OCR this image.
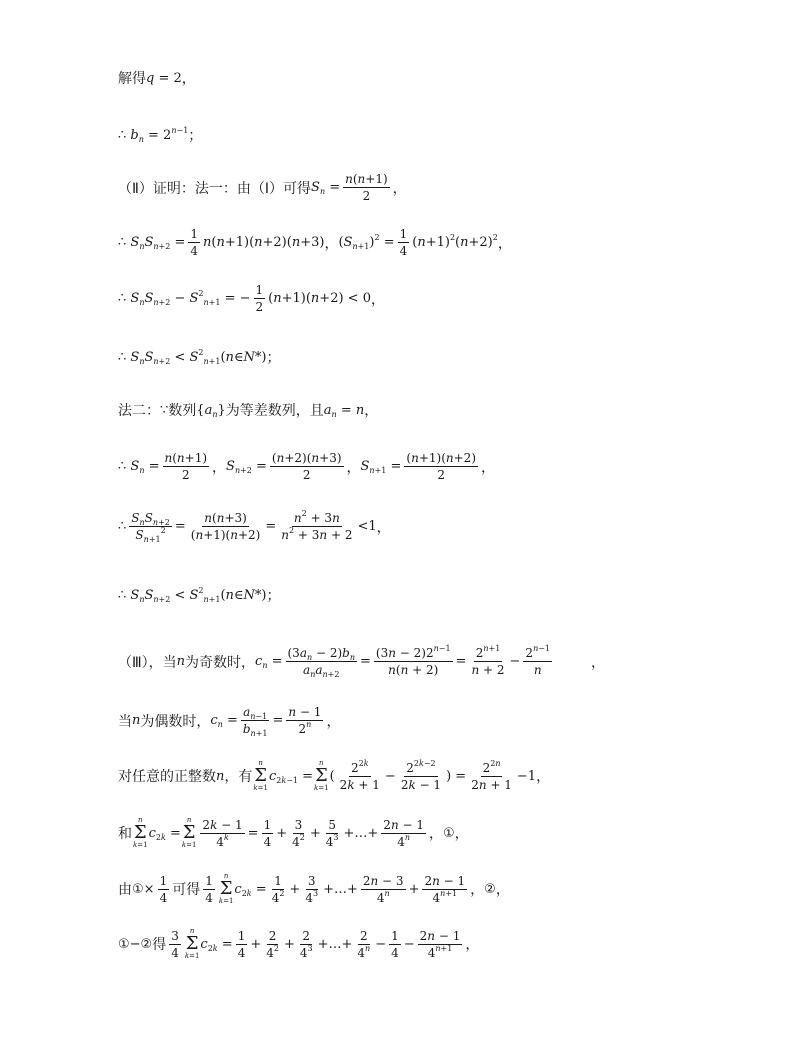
解得 q = 2 ，
∴ $b_n = 2^{n-1}$ ；
（Ⅱ）证明：法一：由（Ⅰ）可得 $S_n = \frac{n(n+1)}{2}$ ，
∴ $S_nS_{n+2} = \frac{1}{4} n(n+1)(n+2)(n+3)$ ， $(S_{n+1})^2 = \frac{1}{4} (n+1)^2(n+2)^2$ ，
∴ $S_nS_{n+2} - S^2_{n+1}$ = − $\frac{1}{2} (n+1)(n+2) < 0$ ，
∴ $S_nS_{n+2}$ < $S^2_{n+1}(n\in N*)$ ；
法二： ∵ 数列 $\{a_n\}$ 为等差数列，且 $a_n = n$ ，
∴ $S_n = \frac{n(n+1)}{2}$ ， $S_{n+2} = \frac{(n+2)(n+3)}{2}$ ， $S_{n+1} = \frac{(n+1)(n+2)}{2}$ ，
∴ $\frac{S_nS_{n+2}}{S_{n+1}^2} = \frac{n(n+3)}{(n+1)(n+2)} = \frac{n^2 + 3n}{n^2 + 3n + 2} <1$ ，
∴ $S_nS_{n+2}$ < $S^2_{n+1}(n\in N*)$ ；
（Ⅲ），当 n 为奇数时， $c_n = \frac{(3a_n - 2)b_n}{a_na_{n+2}} = \frac{(3n - 2)2^{n-1}}{n(n + 2)} = \frac{2^{n+1}}{n + 2} - \frac{2^{n-1}}{n}$	，
当 n 为偶数时， $c_n = \frac{a_{n-1}}{b_{n+1}} = \frac{n - 1}{2^n}$ ，
对任意的正整数 n ，有
n
Σ
k=1
$c_{2k-1}$ =
n
Σ
k=1
( $\frac{2^{2k}}{2k + 1} - \frac{2^{2k-2}}{2k - 1}$ ) = $\frac{2^{2n}}{2n + 1} -1$ ，
和
n
Σ
k=1
$c_{2k}$ =
n
Σ
$k=1 \frac{2k - 1}{4^k} = \frac{1}{4} + \frac{3}{4^2} + \frac{5}{4^3}$ +…+ $\frac{2n - 1}{4^n}$ ， ① ，
由 ① × $\frac{1}{4}$ 可得 $\frac{1}{4}$ n
Σ
k=1
$c_{2k} = \frac{1}{4^2} + \frac{3}{4^3}$ +…+ $\frac{2n - 3}{4^n} + \frac{2n - 1}{4^{n+1}}$ ， ② ，
①−② 得 $\frac{3}{4}$ n
Σ
k=1
$c_{2k} = \frac{1}{4} + \frac{2}{4^2} + \frac{2}{4^3}$ +…+ $\frac{2}{4^n} - \frac{1}{4} - \frac{2n - 1}{4^{n+1}}$ ，
